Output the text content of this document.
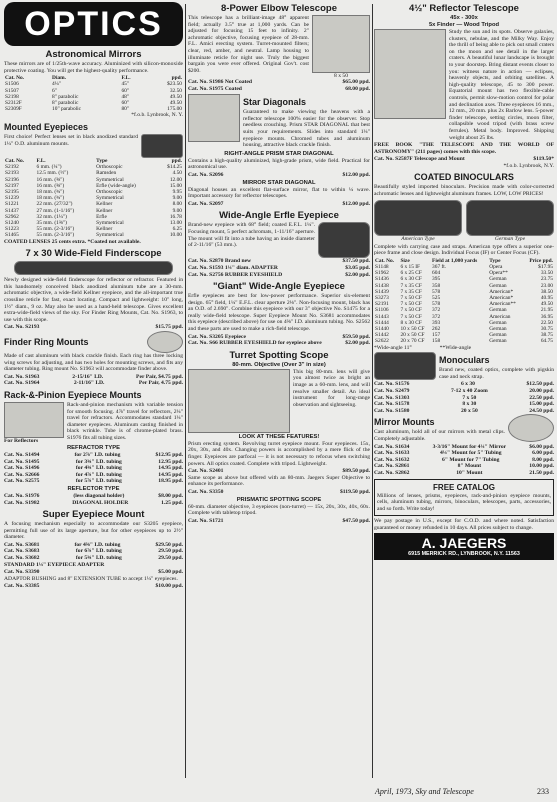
OPTICS
Astronomical Mirrors

These mirrors are of 1/25th-wave accuracy. Aluminized with silicon-monoxide protective coating. You will get the highest-quality performance.

Cat. No.	Diam.	F.L.	ppd.
S1506	4¼"	45"	$23.50
S1507	6"	60"	32.50
S2198	8" parabolic	48"	49.50
S2312F	8" parabolic	60"	49.50
S2309F	10" parabolic	80"	175.00

*f.o.b. Lynbrook, N. Y.

Mounted Eyepieces

First choice! Perfect lenses set in black anodized standard 1¼" O.D. aluminum mounts.

Cat. No.	F.L.	Type	ppd.
S2192	6 mm. (¼")	Orthoscopic	$14.25
S2193	12.5 mm. (½")	Ramsden	4.50
S2196	16 mm. (⅝")	Symmetrical	12.00
S2197	16 mm. (⅝")	Erfle (wide-angle)	15.00
S2195	18 mm. (¾")	Orthoscopic	9.95
S1239	18 mm. (¾")	Symmetrical	9.00
S1221	22 mm. (27/32")	Kellner	8.00
S1437	27 mm. (1-1/16")	Kellner	9.00
S2962	32 mm. (1¼")	Erfle	16.78
S1240	35 mm. (1⅜")	Symmetrical	13.00
S1223	55 mm. (2-3/16")	Kellner	6.25
S1465	55 mm. (2-3/16")	Symmetrical	10.00

COATED LENSES 25 cents extra. *Coated not available.

7 x 30 Wide-Field Finderscope

Newly designed wide-field finderscope for reflector or refractor. Featured in this handsomely conceived black anodized aluminum tube are a 30-mm. achromatic objective, a wide-field Kellner eyepiece, and the all-important true crossline reticle for fast, exact locating. Compact and lightweight: 10" long, 1½" diam., 9 oz. May also be used as a hand-held telescope. Gives excellent extra-wide-field views of the sky. For Finder Ring Mounts, Cat. No. S1963, to use with this scope.

Cat. No. S2193	$15.75 ppd.
Finder Ring Mounts

Made of cast aluminum with black crackle finish. Each ring has three locking wing screws for adjusting, and has two holes for mounting screws, and fits any diameter tubing. Ring mount No. S1963 will accommodate finder above.

Cat. No. S1963	2-15/16" I.D.	Per Pair, $4.75 ppd.
Cat. No. S1964	2-11/16" I.D.	Per Pair, 4.75 ppd.
Rack-&-Pinion Eyepiece Mounts
For Reflectors

Rack-and-pinion mechanism with variable tension for smooth focusing. 4⅞" travel for reflectors, 2¼" travel for refractors. Accommodates standard 1¼" diameter eyepieces. Aluminum casting finished in black wrinkle. Tube is of chrome-plated brass. S1976 fits all tubing sizes.

REFRACTOR TYPE
Cat. No. S1494	for 2⅞" I.D. tubing	$12.95 ppd.
Cat. No. S1495	for 3⅜" I.D. tubing	12.95 ppd.
Cat. No. S1496	for 4⅜" I.D. tubing	14.95 ppd.
Cat. No. S2666	for 4⅞" I.D. tubing	14.95 ppd.
Cat. No. S2575	for 5⅞" I.D. tubing	18.95 ppd.
REFLECTOR TYPE
Cat. No. S1976	(less diagonal holder)	$8.00 ppd.
Cat. No. S1982	DIAGONAL HOLDER	1.25 ppd.
Super Eyepiece Mount

A focusing mechanism especially to accommodate our S3205 eyepiece, permitting full use of its large aperture, but for other eyepieces up to 2½" diameter.

Cat. No. S3681	for 4⅜" I.D. tubing	$29.50 ppd.
Cat. No. S3683	for 6⅞" I.D. tubing	29.50 ppd.
Cat. No. S3682	for 5⅜" I.D. tubing	29.50 ppd.

STANDARD 1¼" EYEPIECE ADAPTER

Cat. No. S3390	$5.00 ppd.

ADAPTOR BUSHING and 8" EXTENSION TUBE to accept 1¼" eyepieces.

Cat. No. S3385	$10.00 ppd.
8-Power Elbow Telescope

This telescope has a brilliant-image 48° apparent field; actually 3.5° true at 1,000 yards. Can be adjusted for focusing 15 feet to infinity. 2" achromatic objective, focusing eyepiece of 28-mm. F.L. Amici erecting system. Turret-mounted filters; clear, red, amber, and neutral. Lamp housing to illuminate reticle for night use. Truly the biggest bargain you were ever offered. Original Gov't. cost $200.

8 x 50
Cat. No. S1986 Not Coated	$65.00 ppd.
Cat. No. S1975 Coated	68.00 ppd.
Star Diagonals

Guaranteed to make viewing the heavens with a reflector telescope 100% easier for the observer. Stop needless crouching. Prism STAR DIAGONAL that best suits your requirements. Slides into standard 1¼" eyepiece mounts. Chromed tubes and aluminum housing, attractive black crackle finish.

RIGHT-ANGLE PRISM STAR DIAGONAL

Contains a high-quality aluminized, high-grade prism, wide field. Practical for astronomical use.

Cat. No. S2096	$12.00 ppd.
MIRROR STAR DIAGONAL

Diagonal houses an excellent flat-surface mirror, flat to within ¼ wave. Important accessory for reflector telescopes.

Cat. No. S2097	$12.00 ppd.
Wide-Angle Erfle Eyepiece

Brand-new eyepiece with 68° field; coated E.F.L. 1¼". Focusing mount, 5 perfect achromats, 1-11/16" aperture. The mount will fit into a tube having an inside diameter of 2-11/16" (53 mm.).

Cat. No. S2870 Brand new	$37.50 ppd.
Cat. No. S1593 1¼" diam. ADAPTER	$3.05 ppd.
Cat. No. S2756 RUBBER EYESHIELD	$2.00 ppd.
"Giant" Wide-Angle Eyepiece

Erfle eyepieces are best for low-power performance. Superior six-element design. 65° field, 1¼" E.F.L. clear aperture 2⅛". Non-focusing mount, black has an O.D. of 2.690". Combine this eyepiece with our 3" objective No. S1475 for a really wide-field telescope. Super Eyepiece Mount No. S3681 accommodates this eyepiece (described above) for use on 4⅜" I.D. aluminum tubing. No. S2562 and these parts are used to make a rich-field telescope.

Cat. No. S3205 Eyepiece	$59.50 ppd.
Cat. No. S66 RUBBER EYESHIELD for eyepiece above	$2.00 ppd.
Turret Spotting Scope
80-mm. Objective (Over 3" in size)

This big 80-mm. lens will give you almost twice as bright an image as a 60-mm. lens, and will resolve smaller detail. An ideal instrument for long-range observation and sightseeing.

LOOK AT THESE FEATURES!

Prism erecting system. Revolving turret eyepiece mount. Four eyepieces. 15x, 20x, 30x, and 40x. Changing powers is accomplished by a mere flick of the finger. Eyepieces are parfocal — it is not necessary to refocus when switching powers. All optics coated. Complete with tripod. Lightweight.

Cat. No. S2401	$89.50 ppd.

Same scope as above but offered with an 80-mm. Jaegers Super Objective to enhance its performance.

Cat. No. S3350	$119.50 ppd.
PRISMATIC SPOTTING SCOPE

60-mm. diameter objective, 3 eyepieces (non-turret) — 15x, 20x, 30x, 40x, 60x. Complete with tabletop tripod.

Cat. No. S1721	$47.50 ppd.
4½" Reflector Telescope
45x - 300x
5x Finder — Wood Tripod

Study the sun and its spots. Observe galaxies, clusters, nebulae, and the Milky Way. Enjoy the thrill of being able to pick out small craters on the moon and see detail in the larger craters. A beautiful lunar landscape is brought to your doorstep. Bring distant events closer to you: witness nature in action — eclipses, heavenly objects, and orbiting satellites. A high-quality telescope, 45 to 300 power. Equatorial mount has two flexible-cable controls, permit slow-motion control for polar and declination axes. Three eyepieces 16 mm., 12 mm., 20 mm. plus 2x Barlow lens. 5-power finder telescope, setting circles, moon filter, collapsible wood tripod (with brass screw ferrules). Metal body. Improved. Shipping weight about 25 lbs.

FREE BOOK "THE TELESCOPE AND THE WORLD OF ASTRONOMY" (211 pages) comes with this scope.

Cat. No. S2587F Telescope and Mount	$119.50*

*f.o.b. Lynbrook, N.Y.

COATED BINOCULARS

Beautifully styled imported binoculars. Precision made with color-corrected achromatic lenses and lightweight aluminum frames. LOW, LOW PRICES!

American Type	German Type

Complete with carrying case and straps. American type offers a superior one-piece frame and close design. Individual Focus (IF) or Center Focus (CF).

Cat. No.	Size	Field at 1,000 yards	Type	Price ppd.
S1148	6 x 15 IF	367 ft.	Opera	$17.95
S1962	6 x 25 CF	604	Opera**	33.50
S1436	6 x 30 CF	395	German	23.75
S1438	7 x 35 CF	358	German	23.00
S1439	7 x 35 CF	578	American*	38.50
S3273	7 x 50 CF	525	American*	40.95
S2191	7 x 50 CF	578	American**	49.50
S1106	7 x 50 CF	372	German	21.95
S1443	7 x 50 CF	372	American	36.95
S1444	8 x 30 CF	393	German	22.50
S1440	10 x 50 CF	262	German	30.75
S1442	20 x 50 CF	157	German	38.75
S2622	20 x 70 CF	158	German	64.75

*Wide-angle 11°                    **Wide-angle

Monoculars

Brand new, coated optics, complete with pigskin case and neck strap.

Cat. No. S1576	6 x 30	$12.50 ppd.
Cat. No. S2479	7-12 x 40 Zoom	20.00 ppd.
Cat. No. S1303	7 x 50	22.50 ppd.
Cat. No. S1578	8 x 30	15.00 ppd.
Cat. No. S1580	20 x 50	24.50 ppd.
Mirror Mounts

Cast aluminum, hold all of our mirrors with metal clips. Completely adjustable.

Cat. No. S1634	3-3/16" Mount for 4¼" Mirror	$6.00 ppd.
Cat. No. S1633	4¼" Mount for 5" Tubing	6.00 ppd.
Cat. No. S1632	6" Mount for 7" Tubing	8.00 ppd.
Cat. No. S2861	8" Mount	10.00 ppd.
Cat. No. S2862	10" Mount	21.50 ppd.
FREE CATALOG

Millions of lenses, prisms, eyepieces, rack-and-pinion eyepiece mounts, cells, aluminum tubing, mirrors, binoculars, telescopes, parts, accessories, and so forth. Write today!

We pay postage in U.S., except for C.O.D. and where noted. Satisfaction guaranteed or money refunded in 10 days. All prices subject to change.

A. JAEGERS
6915 MERRICK RD., LYNBROOK, N.Y. 11563
April, 1973, Sky and Telescope	233
